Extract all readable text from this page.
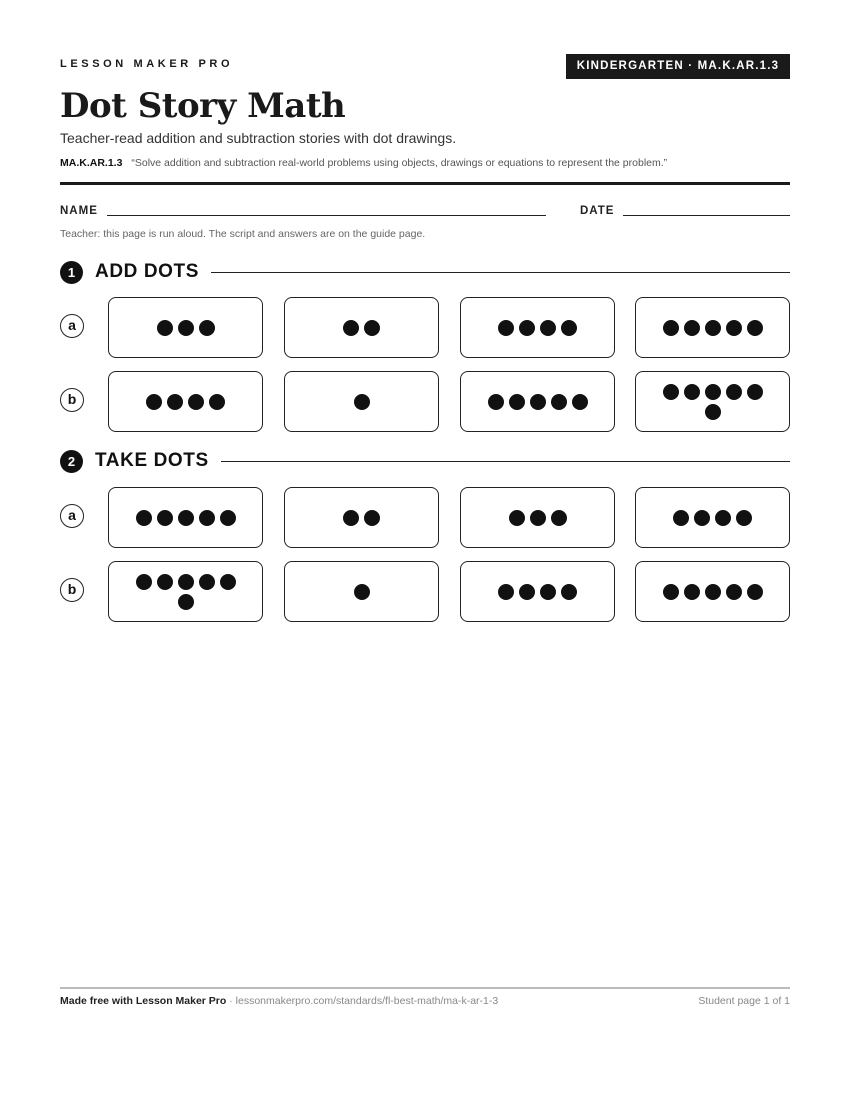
LESSON MAKER PRO	KINDERGARTEN · MA.K.AR.1.3
Dot Story Math
Teacher-read addition and subtraction stories with dot drawings.
MA.K.AR.1.3 “Solve addition and subtraction real-world problems using objects, drawings or equations to represent the problem.”
NAME	DATE
Teacher: this page is run aloud. The script and answers are on the guide page.
1	ADD DOTS
a
b
2	TAKE DOTS
a
b
Made free with Lesson Maker Pro · lessonmakerpro.com/standards/fl-best-math/ma-k-ar-1-3	Student page 1 of 1
